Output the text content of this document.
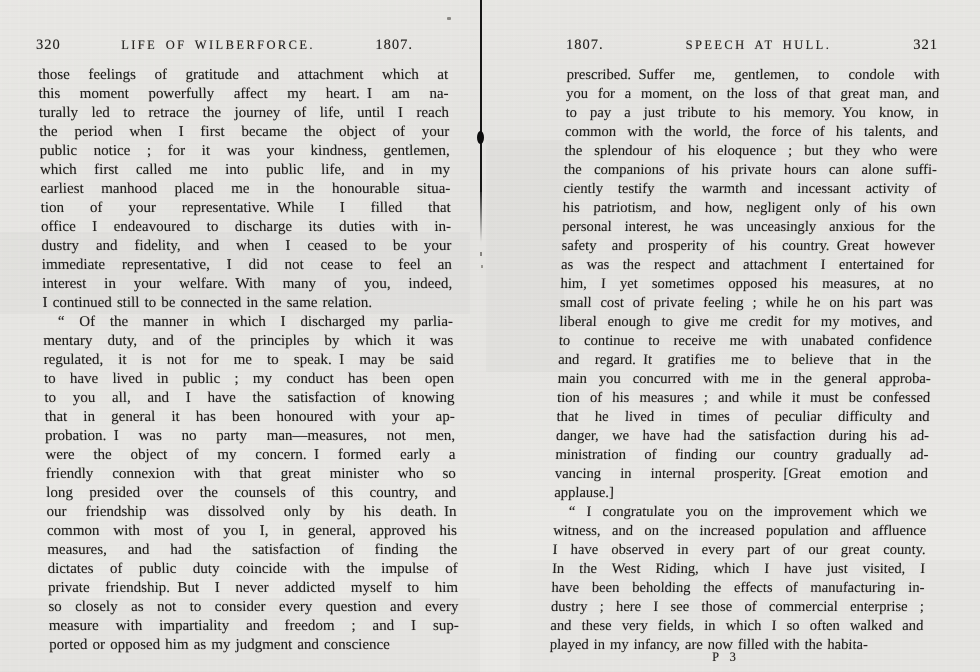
320	LIFE OF WILBERFORCE.	1807.
those feelings of gratitude and attachment which at
this moment powerfully affect my heart. I am na-
turally led to retrace the journey of life, until I reach
the period when I first became the object of your
public notice ; for it was your kindness, gentlemen,
which first called me into public life, and in my
earliest manhood placed me in the honourable situa-
tion of your representative. While I filled that
office I endeavoured to discharge its duties with in-
dustry and fidelity, and when I ceased to be your
immediate representative, I did not cease to feel an
interest in your welfare. With many of you, indeed,
I continued still to be connected in the same relation.
“ Of the manner in which I discharged my parlia-
mentary duty, and of the principles by which it was
regulated, it is not for me to speak. I may be said
to have lived in public ; my conduct has been open
to you all, and I have the satisfaction of knowing
that in general it has been honoured with your ap-
probation. I was no party man—measures, not men,
were the object of my concern. I formed early a
friendly connexion with that great minister who so
long presided over the counsels of this country, and
our friendship was dissolved only by his death. In
common with most of you I, in general, approved his
measures, and had the satisfaction of finding the
dictates of public duty coincide with the impulse of
private friendship. But I never addicted myself to him
so closely as not to consider every question and every
measure with impartiality and freedom ; and I sup-
ported or opposed him as my judgment and conscience
1807.	SPEECH AT HULL.	321
prescribed. Suffer me, gentlemen, to condole with
you for a moment, on the loss of that great man, and
to pay a just tribute to his memory. You know, in
common with the world, the force of his talents, and
the splendour of his eloquence ; but they who were
the companions of his private hours can alone suffi-
ciently testify the warmth and incessant activity of
his patriotism, and how, negligent only of his own
personal interest, he was unceasingly anxious for the
safety and prosperity of his country. Great however
as was the respect and attachment I entertained for
him, I yet sometimes opposed his measures, at no
small cost of private feeling ; while he on his part was
liberal enough to give me credit for my motives, and
to continue to receive me with unabated confidence
and regard. It gratifies me to believe that in the
main you concurred with me in the general approba-
tion of his measures ; and while it must be confessed
that he lived in times of peculiar difficulty and
danger, we have had the satisfaction during his ad-
ministration of finding our country gradually ad-
vancing in internal prosperity. [Great emotion and
applause.]
“ I congratulate you on the improvement which we
witness, and on the increased population and affluence
I have observed in every part of our great county.
In the West Riding, which I have just visited, I
have been beholding the effects of manufacturing in-
dustry ; here I see those of commercial enterprise ;
and these very fields, in which I so often walked and
played in my infancy, are now filled with the habita-
P 3
